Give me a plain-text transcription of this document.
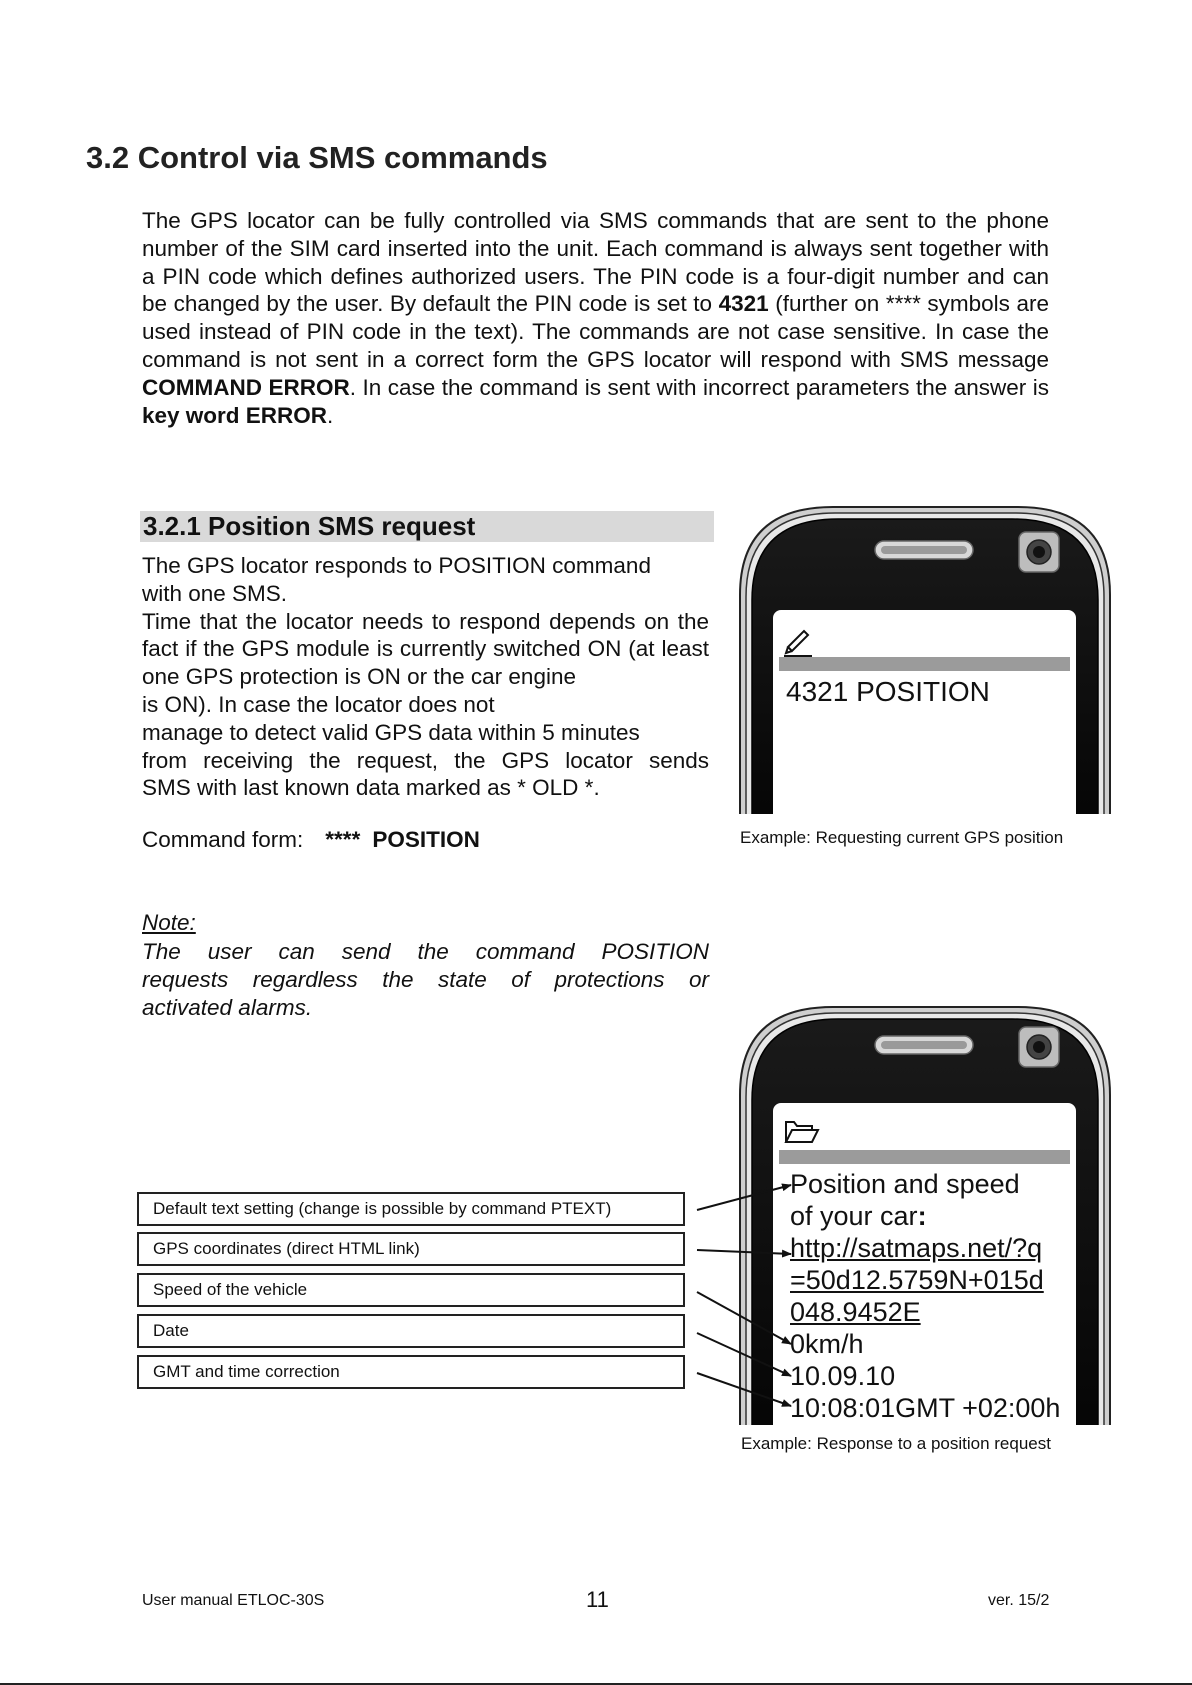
3.2 Control via SMS commands
The GPS locator can be fully controlled via SMS commands that are sent to the phone number of the SIM card inserted into the unit. Each command is always sent together with a PIN code which defines authorized users. The PIN code is a four-digit number and can be changed by the user. By default the PIN code is set to 4321 (further on **** symbols are used instead of PIN code in the text). The commands are not case sensitive. In case the command is not sent in a correct form the GPS locator will respond with SMS message COMMAND ERROR. In case the command is sent with incorrect parameters the answer is key word ERROR.
3.2.1 Position SMS request
The GPS locator responds to POSITION command
with one SMS.
Time that the locator needs to respond depends on the fact if the GPS module is currently switched ON (at least one GPS protection is ON or the car engine
is ON). In case the locator does not
manage to detect valid GPS data within 5 minutes
from receiving the request, the GPS locator sends
SMS with last known data marked as * OLD *.
Command form: **** POSITION
Note:
The user can send the command POSITION
requests regardless the state of protections or
activated alarms.
4321 POSITION
Example: Requesting current GPS position
Position and speed
of your car:
http://satmaps.net/?q
=50d12.5759N+015d
048.9452E
0km/h
10.09.10
10:08:01GMT +02:00h
Example: Response to a position request
Default text setting (change is possible by command PTEXT)
GPS coordinates (direct HTML link)
Speed of the vehicle
Date
GMT and time correction
User manual ETLOC-30S	11	ver. 15/2
